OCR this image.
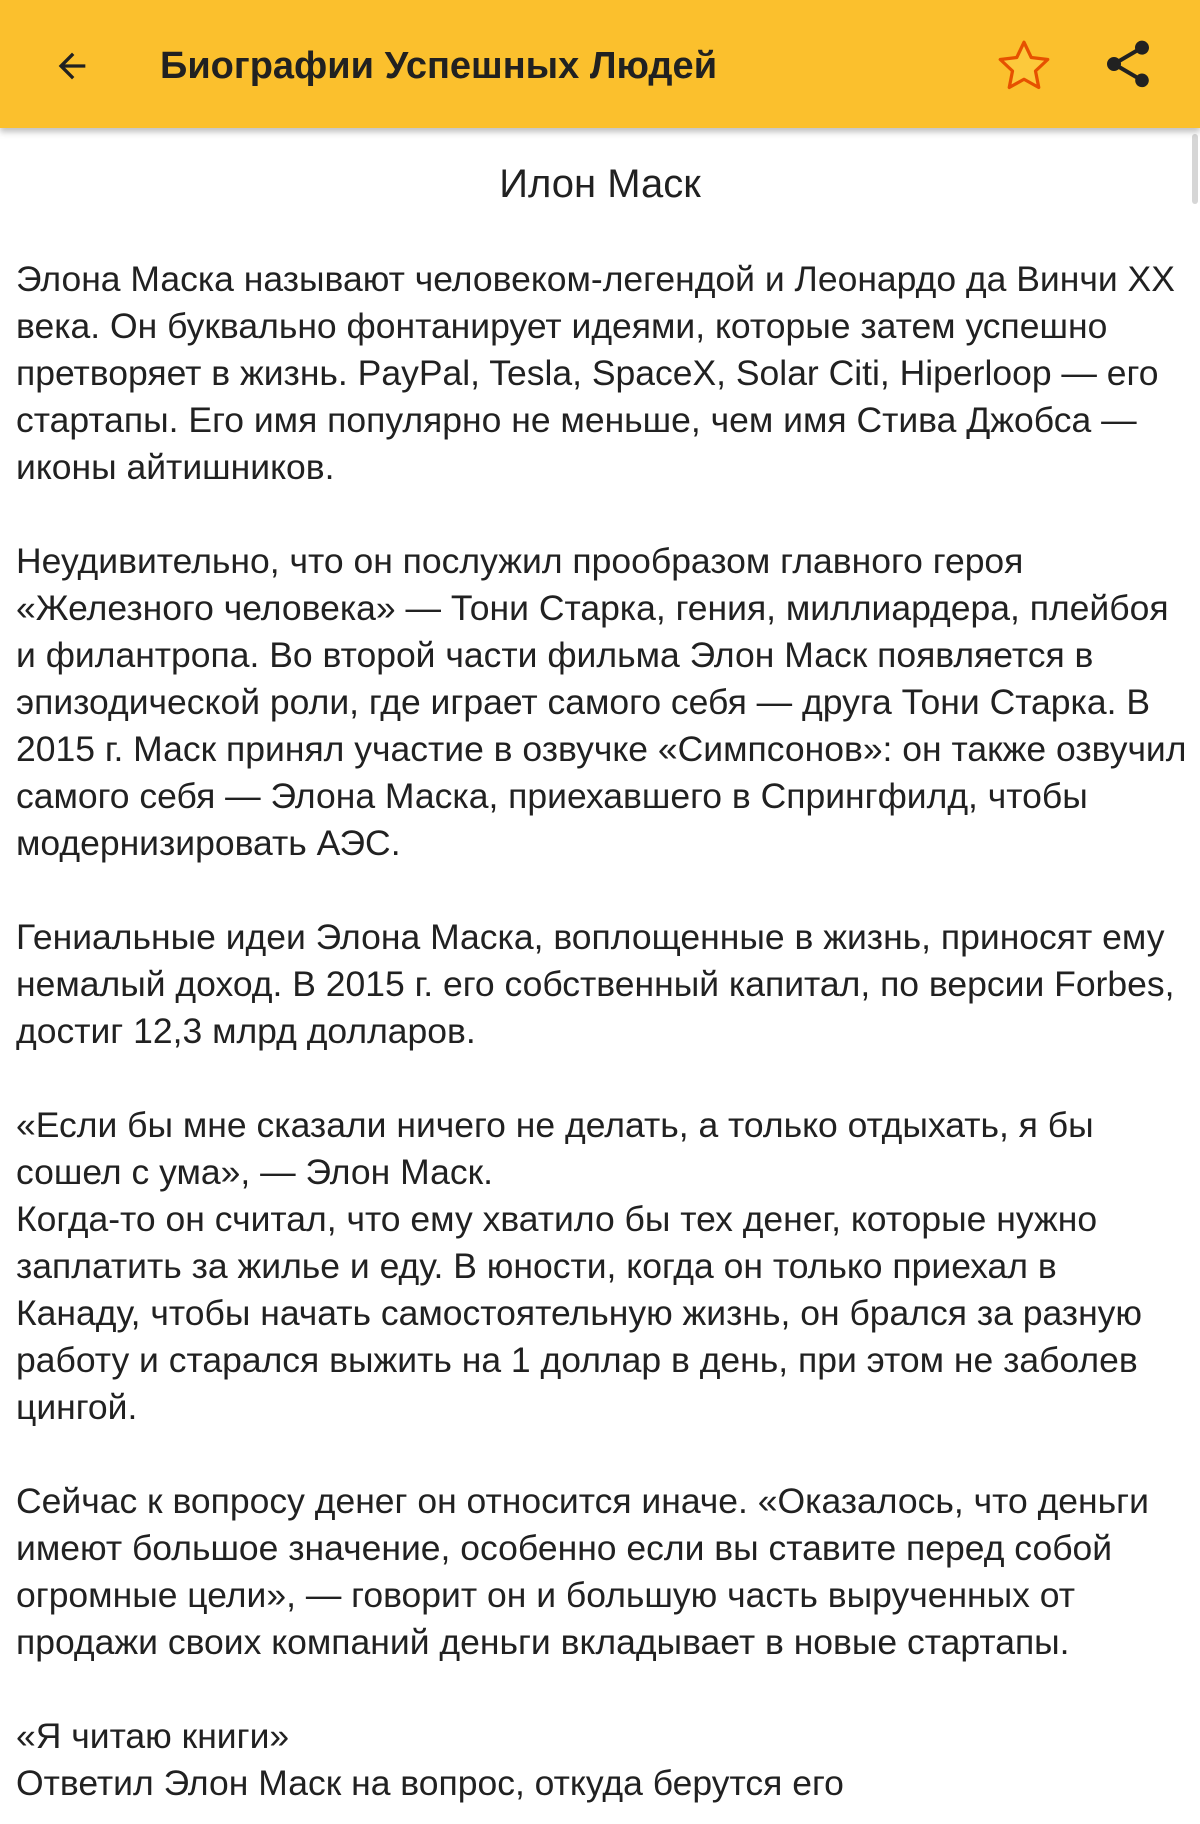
Биографии Успешных Людей
Илон Маск

Элона Маска называют человеком-легендой и Леонардо да Винчи XX века. Он буквально фонтанирует идеями, которые затем успешно претворяет в жизнь. PayPal, Tesla, SpaceX, Solar Citi, Hiperloop — его стартапы. Его имя популярно не меньше, чем имя Стива Джобса — иконы айтишников.

Неудивительно, что он послужил прообразом главного героя «Железного человека» — Тони Старка, гения, миллиардера, плейбоя и филантропа. Во второй части фильма Элон Маск появляется в эпизодической роли, где играет самого себя — друга Тони Старка. В 2015 г. Маск принял участие в озвучке «Симпсонов»: он также озвучил самого себя — Элона Маска, приехавшего в Спрингфилд, чтобы модернизировать АЭС.

Гениальные идеи Элона Маска, воплощенные в жизнь, приносят ему немалый доход. В 2015 г. его собственный капитал, по версии Forbes, достиг 12,3 млрд долларов.

«Если бы мне сказали ничего не делать, а только отдыхать, я бы сошел с ума», — Элон Маск.

Когда-то он считал, что ему хватило бы тех денег, которые нужно заплатить за жилье и еду. В юности, когда он только приехал в Канаду, чтобы начать самостоятельную жизнь, он брался за разную работу и старался выжить на 1 доллар в день, при этом не заболев цингой.

Сейчас к вопросу денег он относится иначе. «Оказалось, что деньги имеют большое значение, особенно если вы ставите перед собой огромные цели», — говорит он и большую часть вырученных от продажи своих компаний деньги вкладывает в новые стартапы.

«Я читаю книги»

Ответил Элон Маск на вопрос, откуда берутся его
